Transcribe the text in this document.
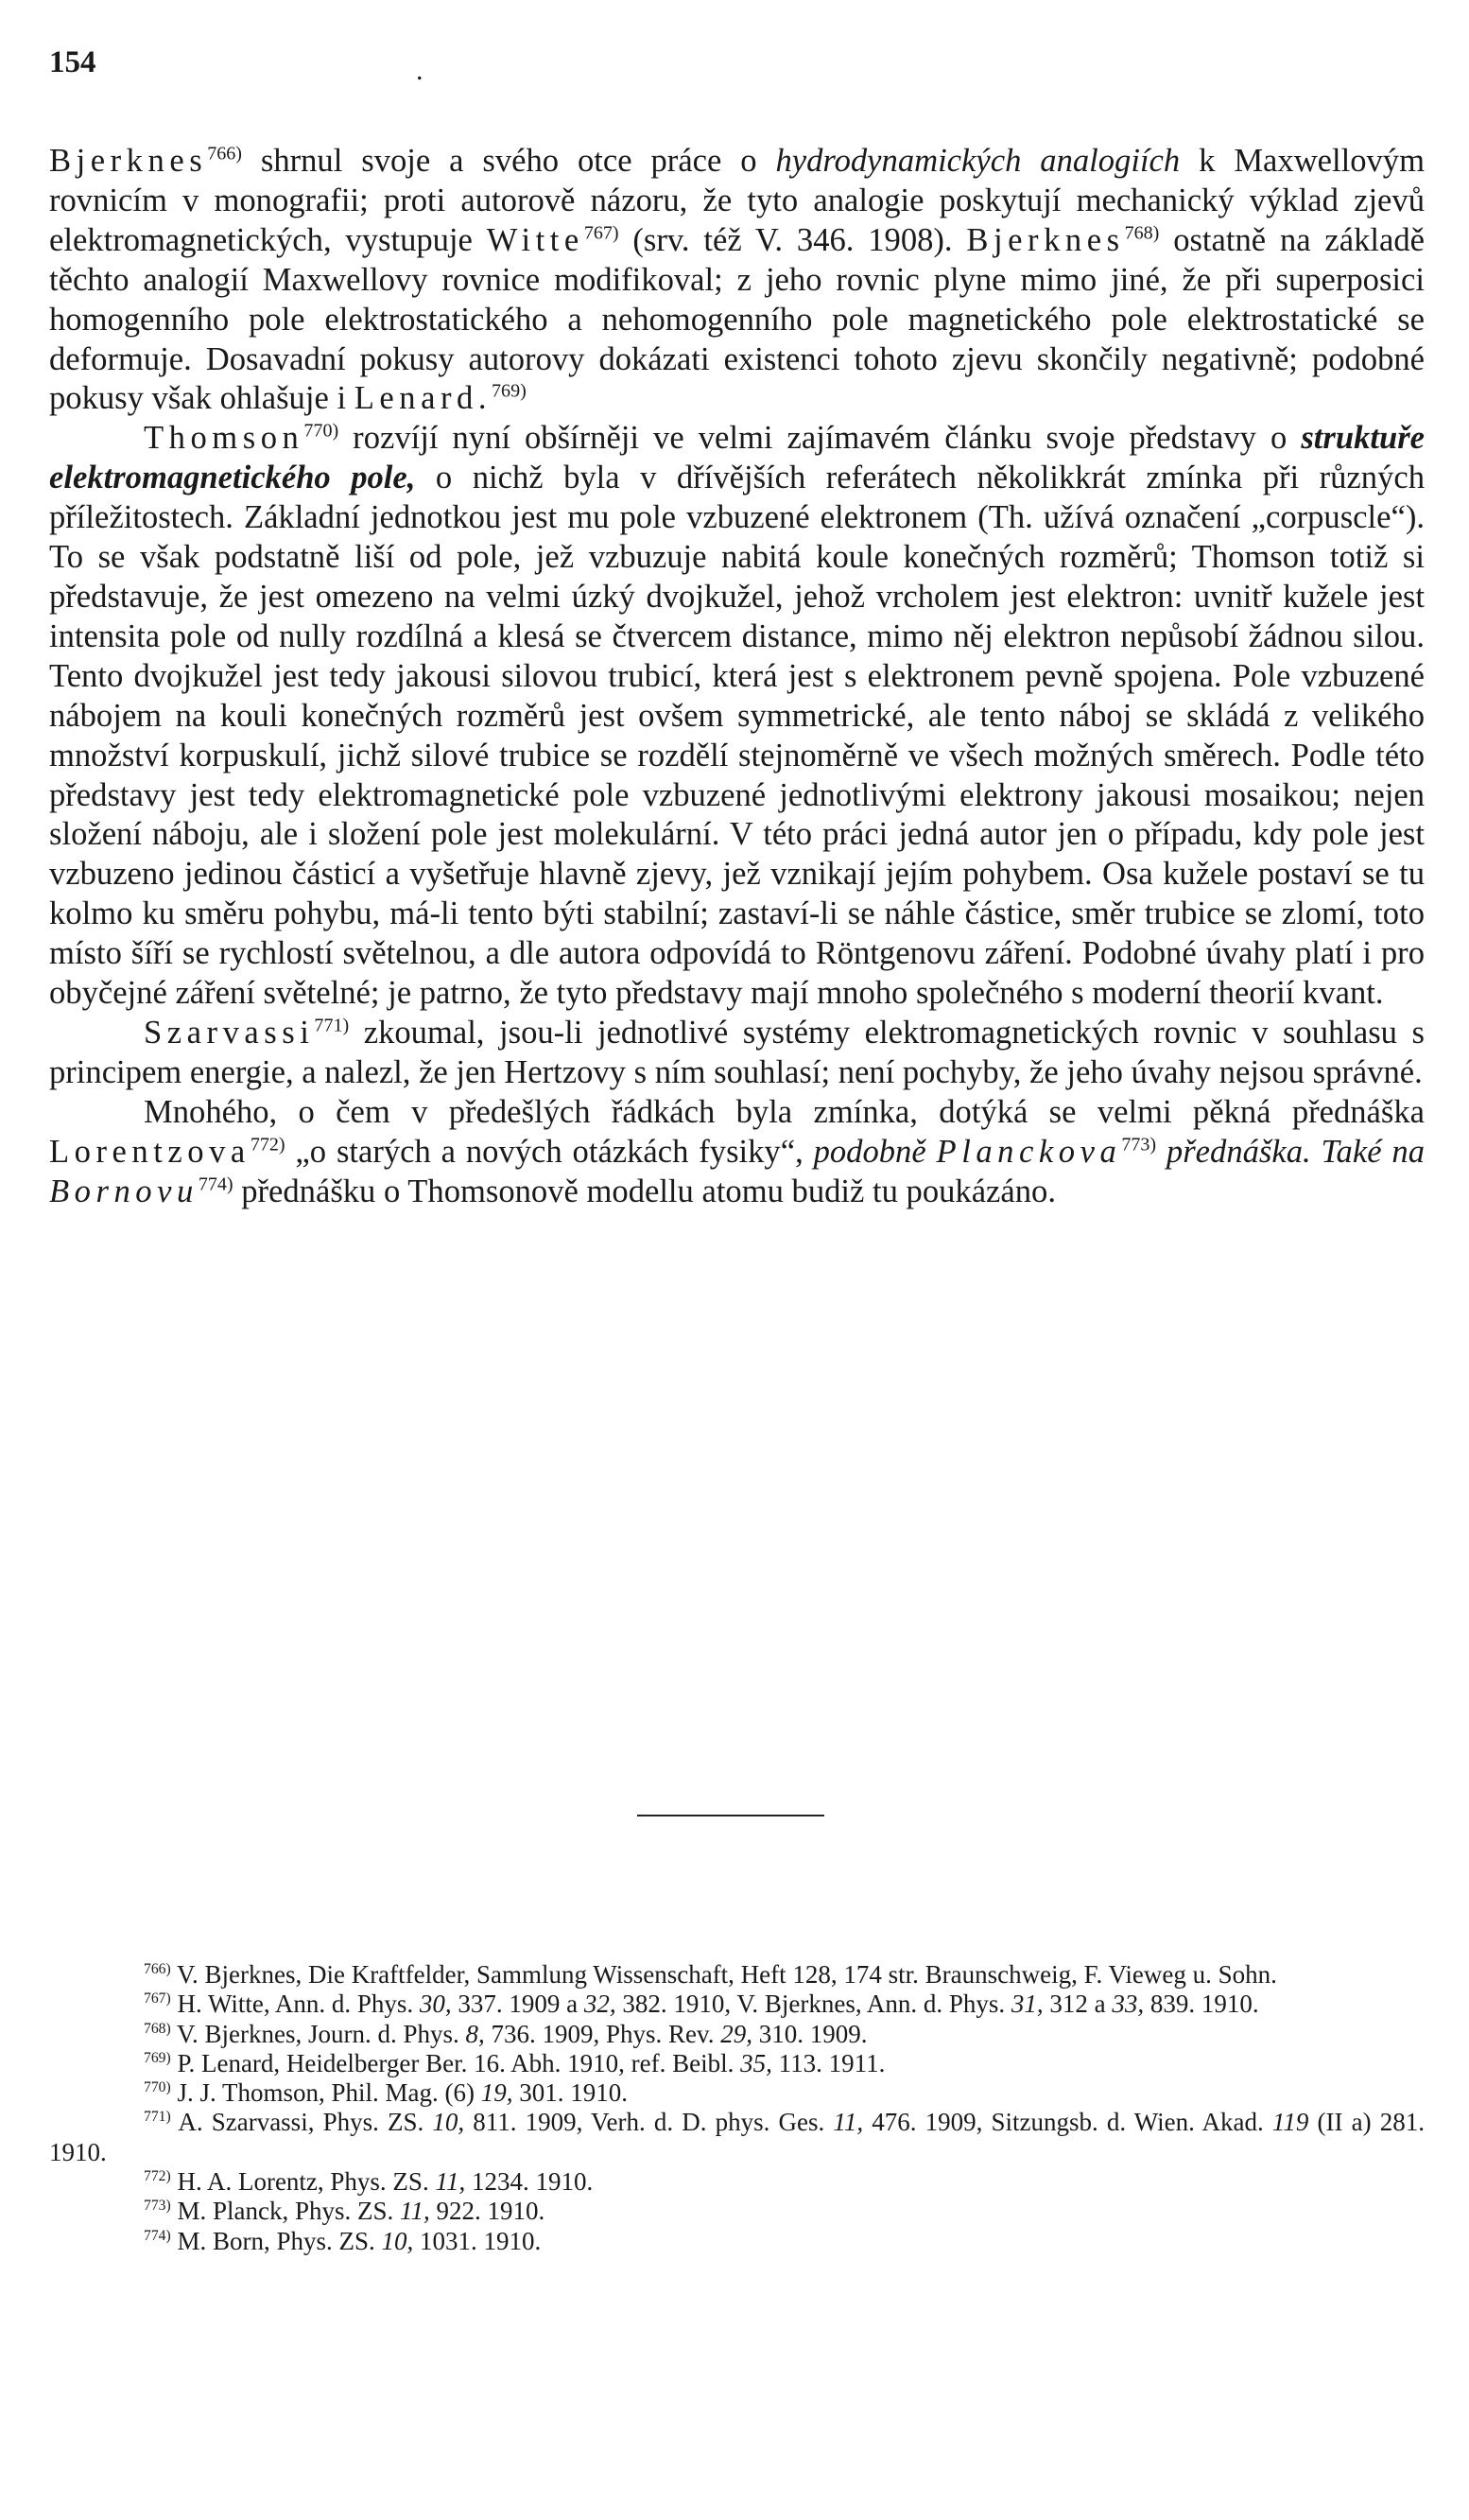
154	.

Bjerknes$^{766)}$ shrnul svoje a svého otce práce o hydrodynamických analogiích k Maxwellovým rovnicím v monografii; proti autorově názoru, že tyto analogie poskytují mechanický výklad zjevů elektromagnetických, vystupuje Witte$^{767)}$ (srv. též V. 346. 1908). Bjerknes$^{768)}$ ostatně na základě těchto analogií Maxwellovy rovnice modifikoval; z jeho rovnic plyne mimo jiné, že při superposici homogenního pole elektrostatického a nehomogenního pole magnetického pole elektrostatické se deformuje. Dosavadní pokusy autorovy dokázati existenci tohoto zjevu skončily negativně; podobné pokusy však ohlašuje i Lenard.$^{769)}$

Thomson$^{770)}$ rozvíjí nyní obšírněji ve velmi zajímavém článku svoje představy o struktuře elektromagnetického pole, o nichž byla v dřívějších referátech několikkrát zmínka při různých příležitostech. Základní jednotkou jest mu pole vzbuzené elektronem (Th. užívá označení „corpuscle“). To se však podstatně liší od pole, jež vzbuzuje nabitá koule konečných rozměrů; Thomson totiž si představuje, že jest omezeno na velmi úzký dvojkužel, jehož vrcholem jest elektron: uvnitř kužele jest intensita pole od nully rozdílná a klesá se čtvercem distance, mimo něj elektron nepůsobí žádnou silou. Tento dvojkužel jest tedy jakousi silovou trubicí, která jest s elektronem pevně spojena. Pole vzbuzené nábojem na kouli konečných rozměrů jest ovšem symmetrické, ale tento náboj se skládá z velikého množství korpuskulí, jichž silové trubice se rozdělí stejnoměrně ve všech možných směrech. Podle této představy jest tedy elektromagnetické pole vzbuzené jednotlivými elektrony jakousi mosaikou; nejen složení náboju, ale i složení pole jest molekulární. V této práci jedná autor jen o případu, kdy pole jest vzbuzeno jedinou částicí a vyšetřuje hlavně zjevy, jež vznikají jejím pohybem. Osa kužele postaví se tu kolmo ku směru pohybu, má-li tento býti stabilní; zastaví-li se náhle částice, směr trubice se zlomí, toto místo šíří se rychlostí světelnou, a dle autora odpovídá to Röntgenovu záření. Podobné úvahy platí i pro obyčejné záření světelné; je patrno, že tyto představy mají mnoho společného s moderní theorií kvant.

Szarvassi$^{771)}$ zkoumal, jsou-li jednotlivé systémy elektromagnetických rovnic v souhlasu s principem energie, a nalezl, že jen Hertzovy s ním souhlasí; není pochyby, že jeho úvahy nejsou správné.

Mnohého, o čem v předešlých řádkách byla zmínka, dotýká se velmi pěkná přednáška Lorentzova$^{772)}$ „o starých a nových otázkách fysiky“, podobně Planckova$^{773)}$ přednáška. Také na Bornovu$^{774)}$ přednášku o Thomsonově modellu atomu budiž tu poukázáno.

$^{766)}$ V. Bjerknes, Die Kraftfelder, Sammlung Wissenschaft, Heft 128, 174 str. Braunschweig, F. Vieweg u. Sohn.

$^{767)}$ H. Witte, Ann. d. Phys. 30, 337. 1909 a 32, 382. 1910, V. Bjerknes, Ann. d. Phys. 31, 312 a 33, 839. 1910.

$^{768)}$ V. Bjerknes, Journ. d. Phys. 8, 736. 1909, Phys. Rev. 29, 310. 1909.

$^{769)}$ P. Lenard, Heidelberger Ber. 16. Abh. 1910, ref. Beibl. 35, 113. 1911.

$^{770)}$ J. J. Thomson, Phil. Mag. (6) 19, 301. 1910.

$^{771)}$ A. Szarvassi, Phys. ZS. 10, 811. 1909, Verh. d. D. phys. Ges. 11, 476. 1909, Sitzungsb. d. Wien. Akad. 119 (II a) 281. 1910.

$^{772)}$ H. A. Lorentz, Phys. ZS. 11, 1234. 1910.

$^{773)}$ M. Planck, Phys. ZS. 11, 922. 1910.

$^{774)}$ M. Born, Phys. ZS. 10, 1031. 1910.
